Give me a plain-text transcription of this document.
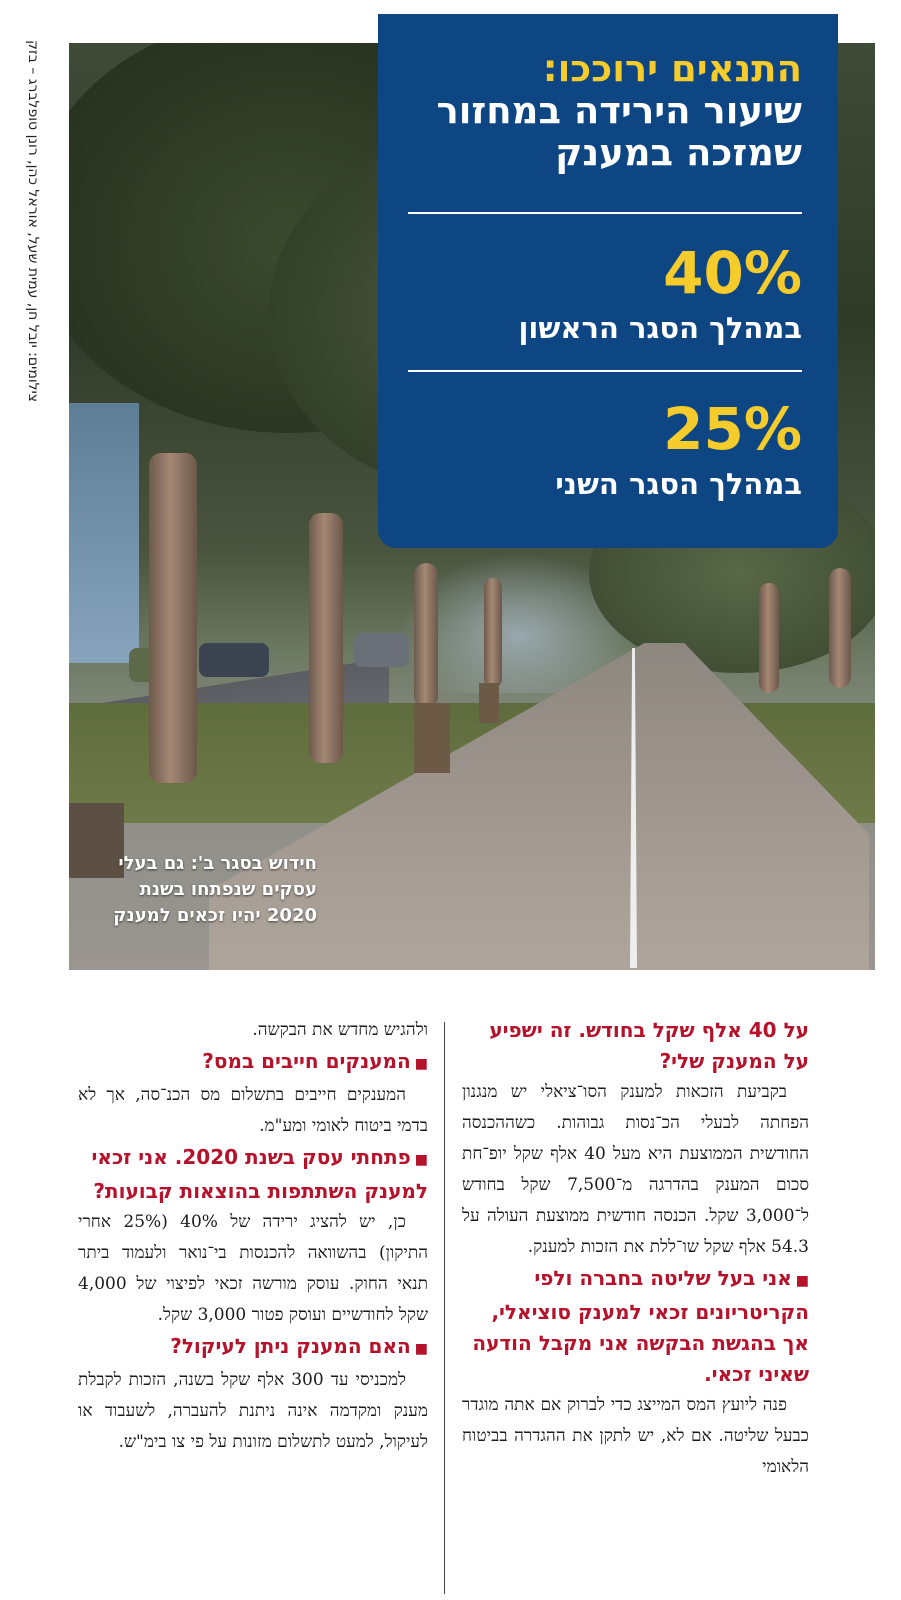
צילומים: יובל חן, עמית שעל, אוראל כהן, רונן טופלברג – בזק
חידוש בסגר ב': גם בעלי
עסקים שנפתחו בשנת
2020 יהיו זכאים למענק
התנאים ירוככו:
שיעור הירידה במחזור
שמזכה במענק
40%
במהלך הסגר הראשון
25%
במהלך הסגר השני
על 40 אלף שקל בחודש. זה ישפיע על המענק שלי?
בקביעת הזכאות למענק הסו־ציאלי יש מנגנון הפחתה לבעלי הכ־נסות גבוהות. כשההכנסה החודשית הממוצעת היא מעל 40 אלף שקל יופ־חת סכום המענק בהדרגה מ־7,500 שקל בחודש ל־3,000 שקל. הכנסה חודשית ממוצעת העולה על 54.3 אלף שקל שו־ללת את הזכות למענק.
■אני בעל שליטה בחברה ולפי הקריטריונים זכאי למענק סוציאלי, אך בהגשת הבקשה אני מקבל הודעה שאיני זכאי.
פנה ליועץ המס המייצג כדי לברוק אם אתה מוגדר כבעל שליטה. אם לא, יש לתקן את ההגדרה בביטוח הלאומי
ולהגיש מחדש את הבקשה.
■המענקים חייבים במס?
המענקים חייבים בתשלום מס הכנ־סה, אך לא בדמי ביטוח לאומי ומע"מ.
■פתחתי עסק בשנת 2020. אני זכאי למענק השתתפות בהוצאות קבועות?
כן, יש להציג ירידה של 40% (25% אחרי התיקון) בהשוואה להכנסות בי־נואר ולעמוד ביתר תנאי החוק. עוסק מורשה זכאי לפיצוי של 4,000 שקל לחודשיים ועוסק פטור 3,000 שקל.
■האם המענק ניתן לעיקול?
למכניסי עד 300 אלף שקל בשנה, הזכות לקבלת מענק ומקדמה אינה ניתנת להעברה, לשעבוד או לעיקול, למעט לתשלום מזונות על פי צו בימ"ש.
